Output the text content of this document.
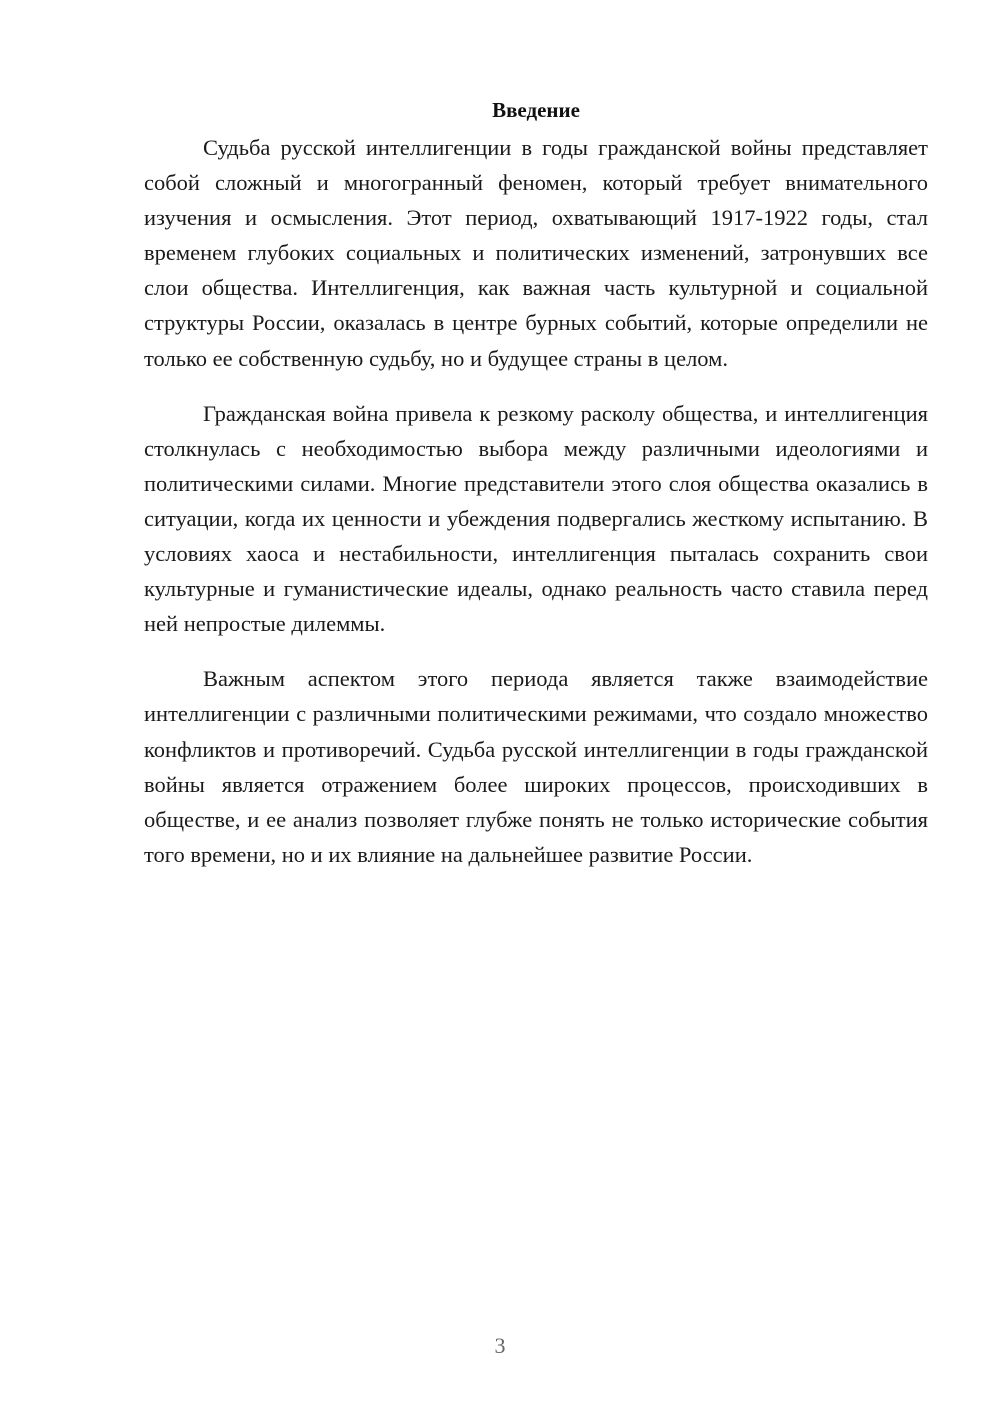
Введение

Судьба русской интеллигенции в годы гражданской войны представляет собой сложный и многогранный феномен, который требует внимательного изучения и осмысления. Этот период, охватывающий 1917-1922 годы, стал временем глубоких социальных и политических изменений, затронувших все слои общества. Интеллигенция, как важная часть культурной и социальной структуры России, оказалась в центре бурных событий, которые определили не только ее собственную судьбу, но и будущее страны в целом.

Гражданская война привела к резкому расколу общества, и интеллигенция столкнулась с необходимостью выбора между различными идеологиями и политическими силами. Многие представители этого слоя общества оказались в ситуации, когда их ценности и убеждения подвергались жесткому испытанию. В условиях хаоса и нестабильности, интеллигенция пыталась сохранить свои культурные и гуманистические идеалы, однако реальность часто ставила перед ней непростые дилеммы.

Важным аспектом этого периода является также взаимодействие интеллигенции с различными политическими режимами, что создало множество конфликтов и противоречий. Судьба русской интеллигенции в годы гражданской войны является отражением более широких процессов, происходивших в обществе, и ее анализ позволяет глубже понять не только исторические события того времени, но и их влияние на дальнейшее развитие России.

3
